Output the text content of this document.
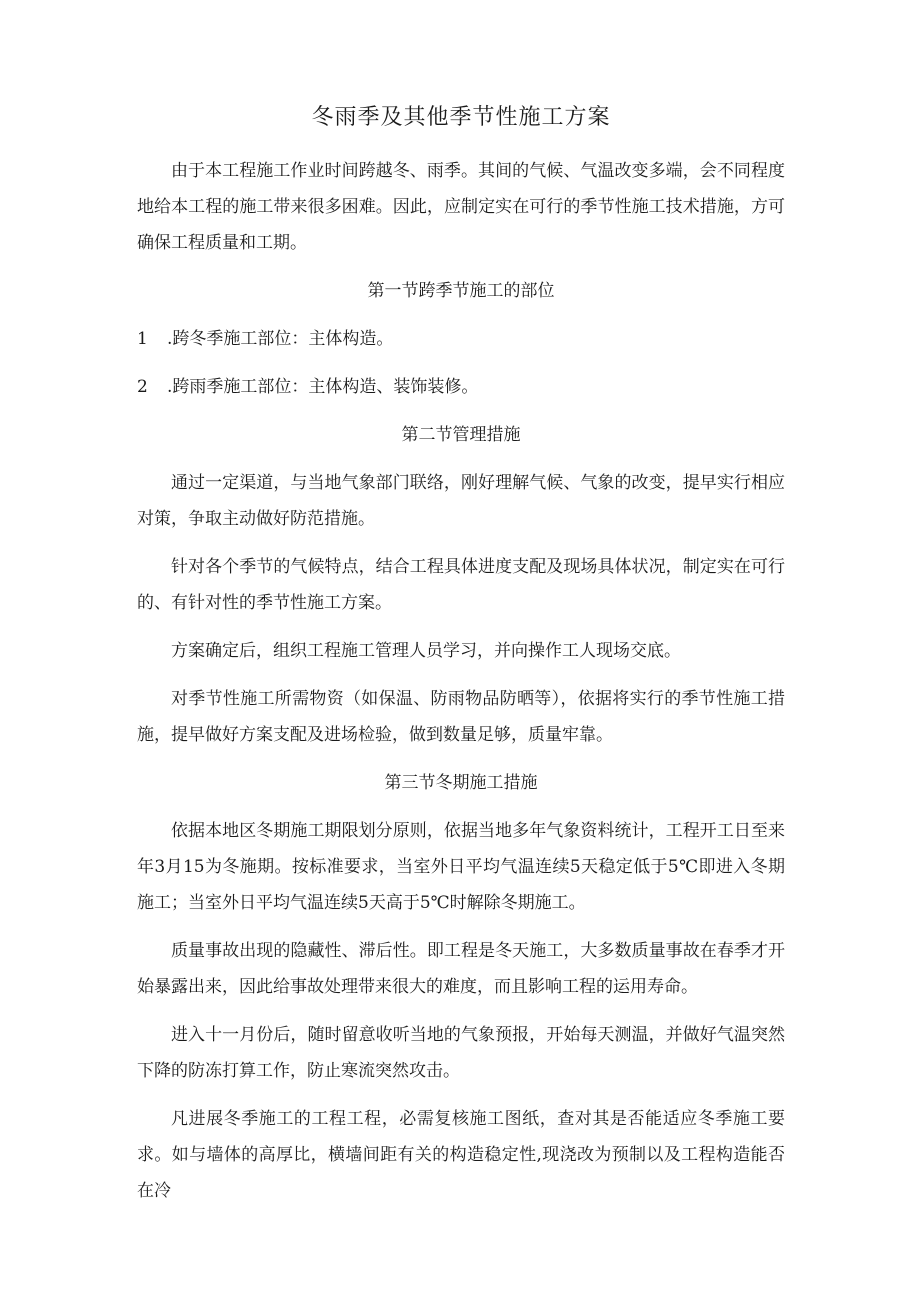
冬雨季及其他季节性施工方案

由于本工程施工作业时间跨越冬、雨季。其间的气候、气温改变多端，会不同程度地给本工程的施工带来很多困难。因此，应制定实在可行的季节性施工技术措施，方可确保工程质量和工期。

第一节跨季节施工的部位
1 .跨冬季施工部位：主体构造。
2 .跨雨季施工部位：主体构造、装饰装修。
第二节管理措施

通过一定渠道，与当地气象部门联络，刚好理解气候、气象的改变，提早实行相应对策，争取主动做好防范措施。

针对各个季节的气候特点，结合工程具体进度支配及现场具体状况，制定实在可行的、有针对性的季节性施工方案。

方案确定后，组织工程施工管理人员学习，并向操作工人现场交底。

对季节性施工所需物资（如保温、防雨物品防晒等），依据将实行的季节性施工措施，提早做好方案支配及进场检验，做到数量足够，质量牢靠。

第三节冬期施工措施

依据本地区冬期施工期限划分原则，依据当地多年气象资料统计，工程开工日至来年3月15为冬施期。按标准要求，当室外日平均气温连续5天稳定低于5℃即进入冬期施工；当室外日平均气温连续5天高于5℃时解除冬期施工。

质量事故出现的隐藏性、滞后性。即工程是冬天施工，大多数质量事故在春季才开始暴露出来，因此给事故处理带来很大的难度，而且影响工程的运用寿命。

进入十一月份后，随时留意收听当地的气象预报，开始每天测温，并做好气温突然下降的防冻打算工作，防止寒流突然攻击。

凡进展冬季施工的工程工程，必需复核施工图纸，查对其是否能适应冬季施工要求。如与墙体的高厚比，横墙间距有关的构造稳定性,现浇改为预制以及工程构造能否在冷
